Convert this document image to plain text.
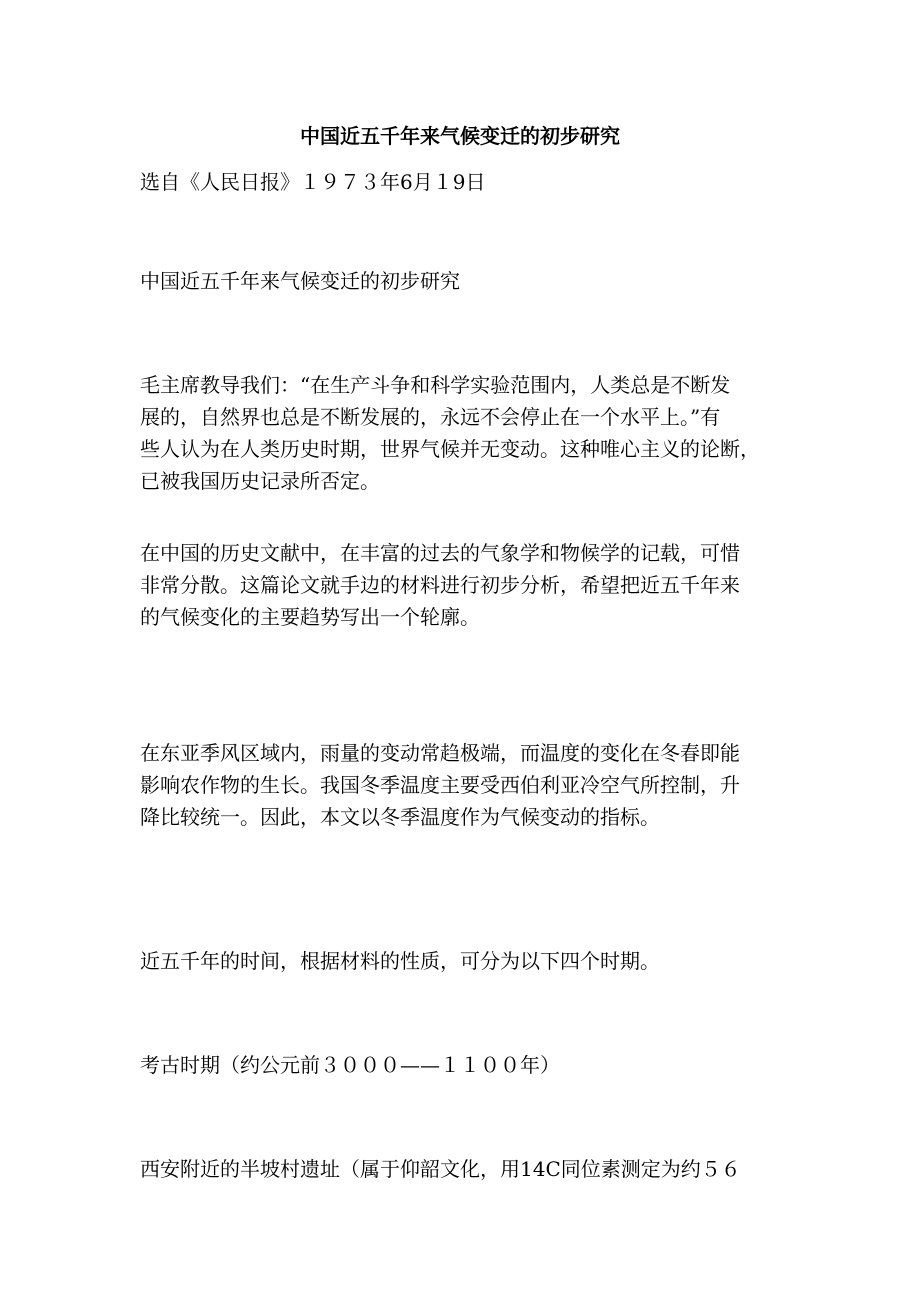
中国近五千年来气候变迁的初步研究
选自《人民日报》１９７３年6月１9日
中国近五千年来气候变迁的初步研究
毛主席教导我们：“在生产斗争和科学实验范围内，人类总是不断发
展的，自然界也总是不断发展的，永远不会停止在一个水平上。”有
些人认为在人类历史时期，世界气候并无变动。这种唯心主义的论断，
已被我国历史记录所否定。
在中国的历史文献中，在丰富的过去的气象学和物候学的记载，可惜
非常分散。这篇论文就手边的材料进行初步分析，希望把近五千年来
的气候变化的主要趋势写出一个轮廓。
在东亚季风区域内，雨量的变动常趋极端，而温度的变化在冬春即能
影响农作物的生长。我国冬季温度主要受西伯利亚冷空气所控制，升
降比较统一。因此，本文以冬季温度作为气候变动的指标。
近五千年的时间，根据材料的性质，可分为以下四个时期。
考古时期（约公元前３０００——１１００年）
西安附近的半坡村遗址（属于仰韶文化，用14C同位素测定为约５６
